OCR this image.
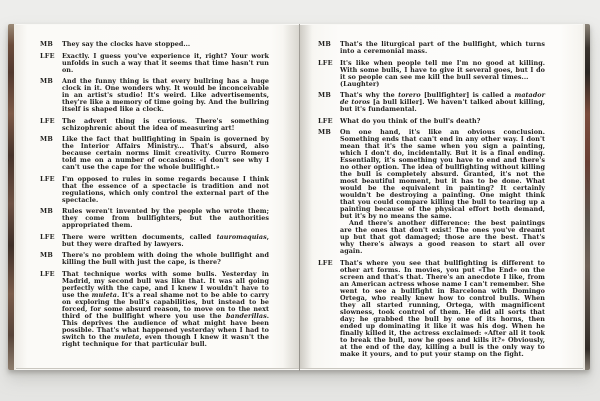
MB	They say the clocks have stopped...

LFE	Exactly. I guess you've experience it, right? Your work unfolds in such a way that it seems that time hasn't run on.

MB	And the funny thing is that every bullring has a huge clock in it. One wonders why. It would be inconceivable in an artist's studio! It's weird. Like advertisements, they're like a memory of time going by. And the bullring itself is shaped like a clock.

LFE	The advert thing is curious. There's something schizophrenic about the idea of measuring art!

MB	Like the fact that bullfighting in Spain is governed by the Interior Affairs Ministry... That's absurd, also because certain norms limit creativity. Curro Romero told me on a number of occasions: «I don't see why I can't use the cape for the whole bullfight.»

LFE	I'm opposed to rules in some regards because I think that the essence of a spectacle is tradition and not regulations, which only control the external part of the spectacle.

MB	Rules weren't invented by the people who wrote them; they come from bullfighters, but the authorities appropriated them.

LFE	There were written documents, called tauromaquias, but they were drafted by lawyers.

MB	There's no problem with doing the whole bullfight and killing the bull with just the cape, is there?

LFE	That technique works with some bulls. Yesterday in Madrid, my second bull was like that. It was all going perfectly with the cape, and I knew I wouldn't have to use the muleta. It's a real shame not to be able to carry on exploring the bull's capabilities, but instead to be forced, for some absurd reason, to move on to the next third of the bullfight where you use the banderillas. This deprives the audience of what might have been possible. That's what happened yesterday when I had to switch to the muleta, even though I knew it wasn't the right technique for that particular bull.

MB	That's the liturgical part of the bullfight, which turns into a ceremonial mass.

LFE	It's like when people tell me I'm no good at killing. With some bulls, I have to give it several goes, but I do it so people can see me kill the bull several times...

(Laughter)

MB	That's why the torero [bullfighter] is called a matador de toros [a bull killer]. We haven't talked about killing, but it's fundamental.

LFE	What do you think of the bull's death?

MB	On one hand, it's like an obvious conclusion. Something ends that can't end in any other way. I don't mean that it's the same when you sign a painting, which I don't do, incidentally. But it is a final ending. Essentially, it's something you have to end and there's no other option. The idea of bullfighting without killing the bull is completely absurd. Granted, it's not the most beautiful moment, but it has to be done. What would be the equivalent in painting? It certainly wouldn't be destroying a painting. One might think that you could compare killing the bull to tearing up a painting because of the physical effort both demand, but it's by no means the same.

And there's another difference: the best paintings are the ones that don't exist! The ones you've dreamt up but that got damaged; those are the best. That's why there's always a good reason to start all over again.

LFE	That's where you see that bullfighting is different to other art forms. In movies, you put «The End» on the screen and that's that. There's an anecdote I like, from an American actress whose name I can't remember. She went to see a bullfight in Barcelona with Domingo Ortega, who really knew how to control bulls. When they all started running, Ortega, with magnificent slowness, took control of them. He did all sorts that day; he grabbed the bull by one of its horns, then ended up dominating it like it was his dog. When he finally killed it, the actress exclaimed: «After all it took to break the bull, now he goes and kills it?» Obviously, at the end of the day, killing a bull is the only way to make it yours, and to put your stamp on the fight.
